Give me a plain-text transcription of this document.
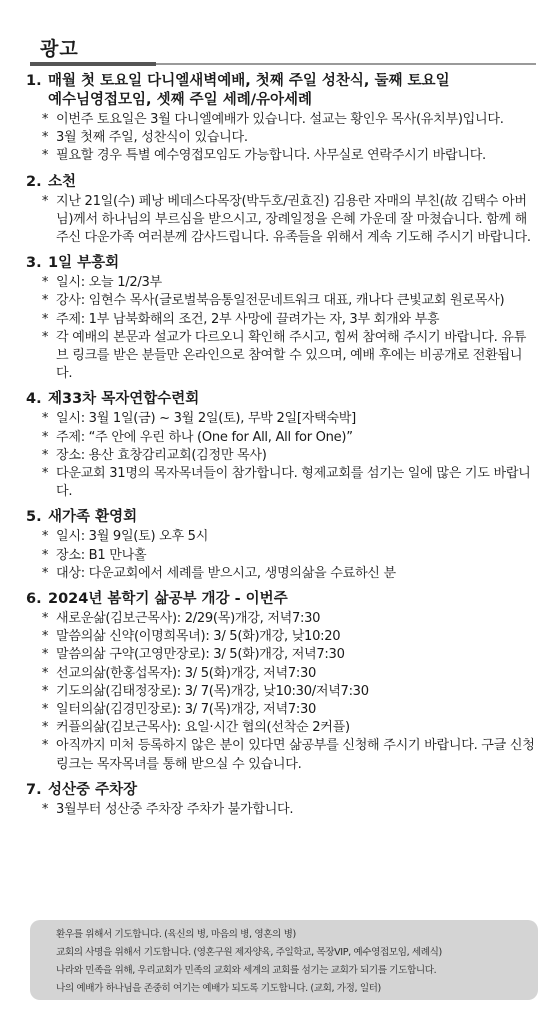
광고
1. 매월 첫 토요일 다니엘새벽예배, 첫째 주일 성찬식, 둘째 토요일
예수님영접모임, 셋째 주일 세례/유아세례
* 이번주 토요일은 3월 다니엘예배가 있습니다. 설교는 황인우 목사(유치부)입니다.
* 3월 첫째 주일, 성찬식이 있습니다.
* 필요할 경우 특별 예수영접모임도 가능합니다. 사무실로 연락주시기 바랍니다.
2. 소천
* 지난 21일(수) 페낭 베데스다목장(박두호/권효진) 김용란 자매의 부친(故 김택수 아버님)께서 하나님의 부르심을 받으시고, 장례일정을 은혜 가운데 잘 마쳤습니다. 함께 해주신 다운가족 여러분께 감사드립니다. 유족들을 위해서 계속 기도해 주시기 바랍니다.
3. 1일 부흥회
* 일시: 오늘 1/2/3부
* 강사: 임현수 목사(글로벌북음통일전문네트워크 대표, 캐나다 큰빛교회 원로목사)
* 주제: 1부 남북화해의 조건, 2부 사망에 끌려가는 자, 3부 회개와 부흥
* 각 예배의 본문과 설교가 다르오니 확인해 주시고, 힘써 참여해 주시기 바랍니다. 유튜브 링크를 받은 분들만 온라인으로 참여할 수 있으며, 예배 후에는 비공개로 전환됩니다.
4. 제33차 목자연합수련회
* 일시: 3월 1일(금) ~ 3월 2일(토), 무박 2일[자택숙박]
* 주제: “주 안에 우린 하나 (One for All, All for One)”
* 장소: 용산 효창감리교회(김정만 목사)
* 다운교회 31명의 목자목녀들이 참가합니다. 형제교회를 섬기는 일에 많은 기도 바랍니다.
5. 새가족 환영회
* 일시: 3월 9일(토) 오후 5시
* 장소: B1 만나홀
* 대상: 다운교회에서 세례를 받으시고, 생명의삶을 수료하신 분
6. 2024년 봄학기 삶공부 개강 - 이번주
* 새로운삶(김보근목사): 2/29(목)개강, 저녁7:30
* 말씀의삶 신약(이명희목녀): 3/ 5(화)개강, 낮10:20
* 말씀의삶 구약(고영만장로): 3/ 5(화)개강, 저녁7:30
* 선교의삶(한홍섭목자): 3/ 5(화)개강, 저녁7:30
* 기도의삶(김태정장로): 3/ 7(목)개강, 낮10:30/저녁7:30
* 일터의삶(김경민장로): 3/ 7(목)개강, 저녁7:30
* 커플의삶(김보근목사): 요일·시간 협의(선착순 2커플)
* 아직까지 미처 등록하지 않은 분이 있다면 삶공부를 신청해 주시기 바랍니다. 구글 신청링크는 목자목녀를 통해 받으실 수 있습니다.
7. 성산중 주차장
* 3월부터 성산중 주차장 주차가 불가합니다.
환우를 위해서 기도합니다. (육신의 병, 마음의 병, 영혼의 병)
교회의 사명을 위해서 기도합니다. (영혼구원 제자양육, 주일학교, 목장VIP, 예수영접모임, 세례식)
나라와 민족을 위해, 우리교회가 민족의 교회와 세계의 교회를 섬기는 교회가 되기를 기도합니다.
나의 예배가 하나님을 존중히 여기는 예배가 되도록 기도합니다. (교회, 가정, 일터)
